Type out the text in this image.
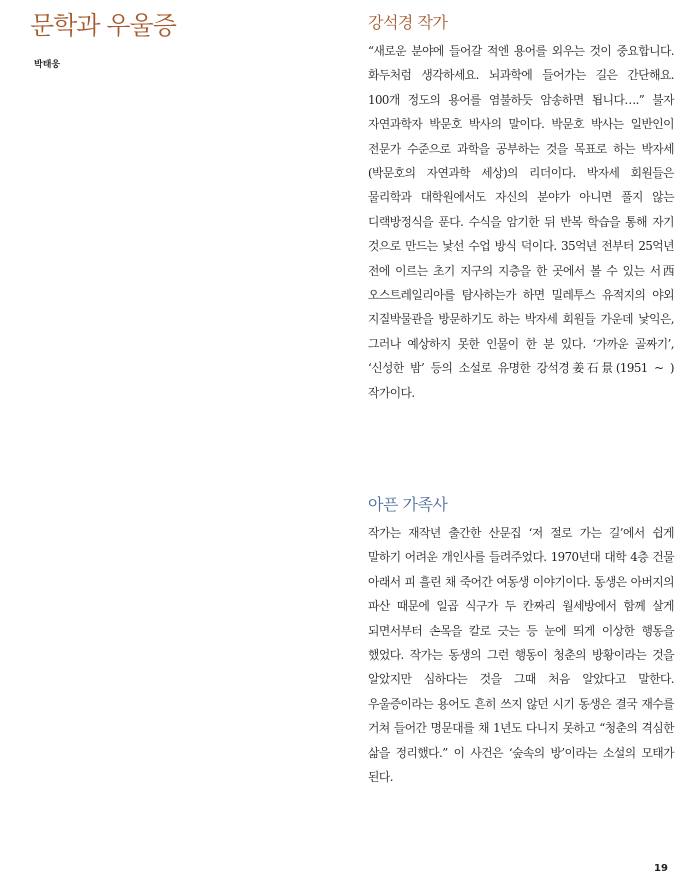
문학과 우울증
박태웅
강석경 작가

“새로운 분야에 들어갈 적엔 용어를 외우는 것이 중요합니다. 화두처럼 생각하세요. 뇌과학에 들어가는 길은 간단해요. 100개 정도의 용어를 염불하듯 암송하면 됩니다….” 불자 자연과학자 박문호 박사의 말이다. 박문호 박사는 일반인이 전문가 수준으로 과학을 공부하는 것을 목표로 하는 박자세(박문호의 자연과학 세상)의 리더이다. 박자세 회원들은 물리학과 대학원에서도 자신의 분야가 아니면 풀지 않는 디랙방정식을 푼다. 수식을 암기한 뒤 반복 학습을 통해 자기 것으로 만드는 낯선 수업 방식 덕이다. 35억년 전부터 25억년 전에 이르는 초기 지구의 지층을 한 곳에서 볼 수 있는 서西 오스트레일리아를 탐사하는가 하면 밀레투스 유적지의 야외 지질박물관을 방문하기도 하는 박자세 회원들 가운데 낯익은, 그러나 예상하지 못한 인물이 한 분 있다. ‘가까운 골짜기’, ‘신성한 밤’ 등의 소설로 유명한 강석경姜石景(1951 ~ ) 작가이다.

아픈 가족사

작가는 재작년 출간한 산문집 ‘저 절로 가는 길’에서 쉽게 말하기 어려운 개인사를 들려주었다. 1970년대 대학 4층 건물 아래서 피 흘린 채 죽어간 여동생 이야기이다. 동생은 아버지의 파산 때문에 일곱 식구가 두 칸짜리 월세방에서 함께 살게 되면서부터 손목을 칼로 긋는 등 눈에 띄게 이상한 행동을 했었다. 작가는 동생의 그런 행동이 청춘의 방황이라는 것을 알았지만 심하다는 것을 그때 처음 알았다고 말한다. 우울증이라는 용어도 흔히 쓰지 않던 시기 동생은 결국 재수를 거쳐 들어간 명문대를 채 1년도 다니지 못하고 “청춘의 격심한 삶을 정리했다.” 이 사건은 ‘숲속의 방’이라는 소설의 모태가 된다.

19
